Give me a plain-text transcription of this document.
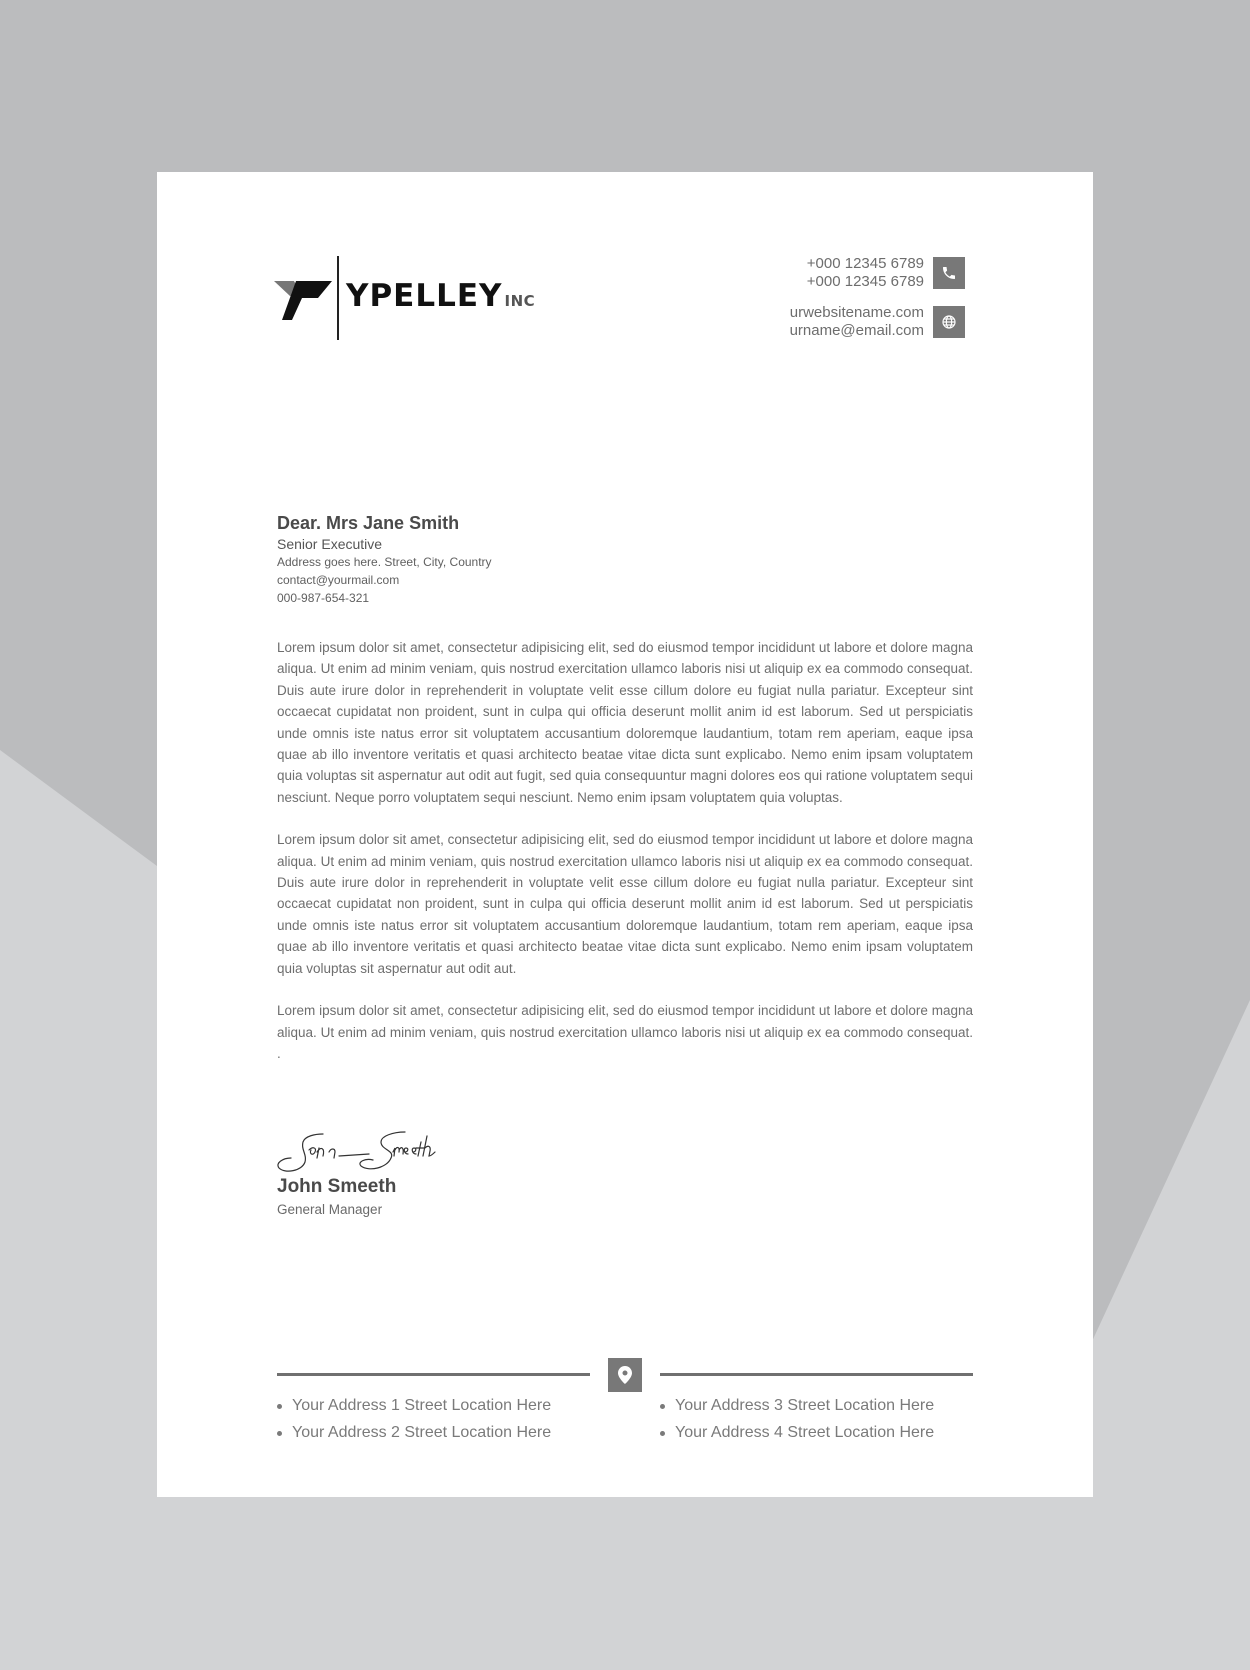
YPELLEY INC
+000 12345 6789
+000 12345 6789
urwebsitename.com
urname@email.com
Dear. Mrs Jane Smith
Senior Executive
Address goes here. Street, City, Country
contact@yourmail.com
000-987-654-321

Lorem ipsum dolor sit amet, consectetur adipisicing elit, sed do eiusmod tempor incididunt ut labore et dolore magna aliqua. Ut enim ad minim veniam, quis nostrud exercitation ullamco laboris nisi ut aliquip ex ea commodo consequat. Duis aute irure dolor in reprehenderit in voluptate velit esse cillum dolore eu fugiat nulla pariatur. Excepteur sint occaecat cupidatat non proident, sunt in culpa qui officia deserunt mollit anim id est laborum. Sed ut perspiciatis unde omnis iste natus error sit voluptatem accusantium doloremque laudantium, totam rem aperiam, eaque ipsa quae ab illo inventore veritatis et quasi architecto beatae vitae dicta sunt explicabo. Nemo enim ipsam voluptatem quia voluptas sit aspernatur aut odit aut fugit, sed quia consequuntur magni dolores eos qui ratione voluptatem sequi nesciunt. Neque porro voluptatem sequi nesciunt. Nemo enim ipsam voluptatem quia voluptas.

Lorem ipsum dolor sit amet, consectetur adipisicing elit, sed do eiusmod tempor incididunt ut labore et dolore magna aliqua. Ut enim ad minim veniam, quis nostrud exercitation ullamco laboris nisi ut aliquip ex ea commodo consequat. Duis aute irure dolor in reprehenderit in voluptate velit esse cillum dolore eu fugiat nulla pariatur. Excepteur sint occaecat cupidatat non proident, sunt in culpa qui officia deserunt mollit anim id est laborum. Sed ut perspiciatis unde omnis iste natus error sit voluptatem accusantium doloremque laudantium, totam rem aperiam, eaque ipsa quae ab illo inventore veritatis et quasi architecto beatae vitae dicta sunt explicabo. Nemo enim ipsam voluptatem quia voluptas sit aspernatur aut odit aut.

Lorem ipsum dolor sit amet, consectetur adipisicing elit, sed do eiusmod tempor incididunt ut labore et dolore magna aliqua. Ut enim ad minim veniam, quis nostrud exercitation ullamco laboris nisi ut aliquip ex ea commodo consequat. .

John Smeeth
General Manager
Your Address 1 Street Location Here
Your Address 2 Street Location Here
Your Address 3 Street Location Here
Your Address 4 Street Location Here
